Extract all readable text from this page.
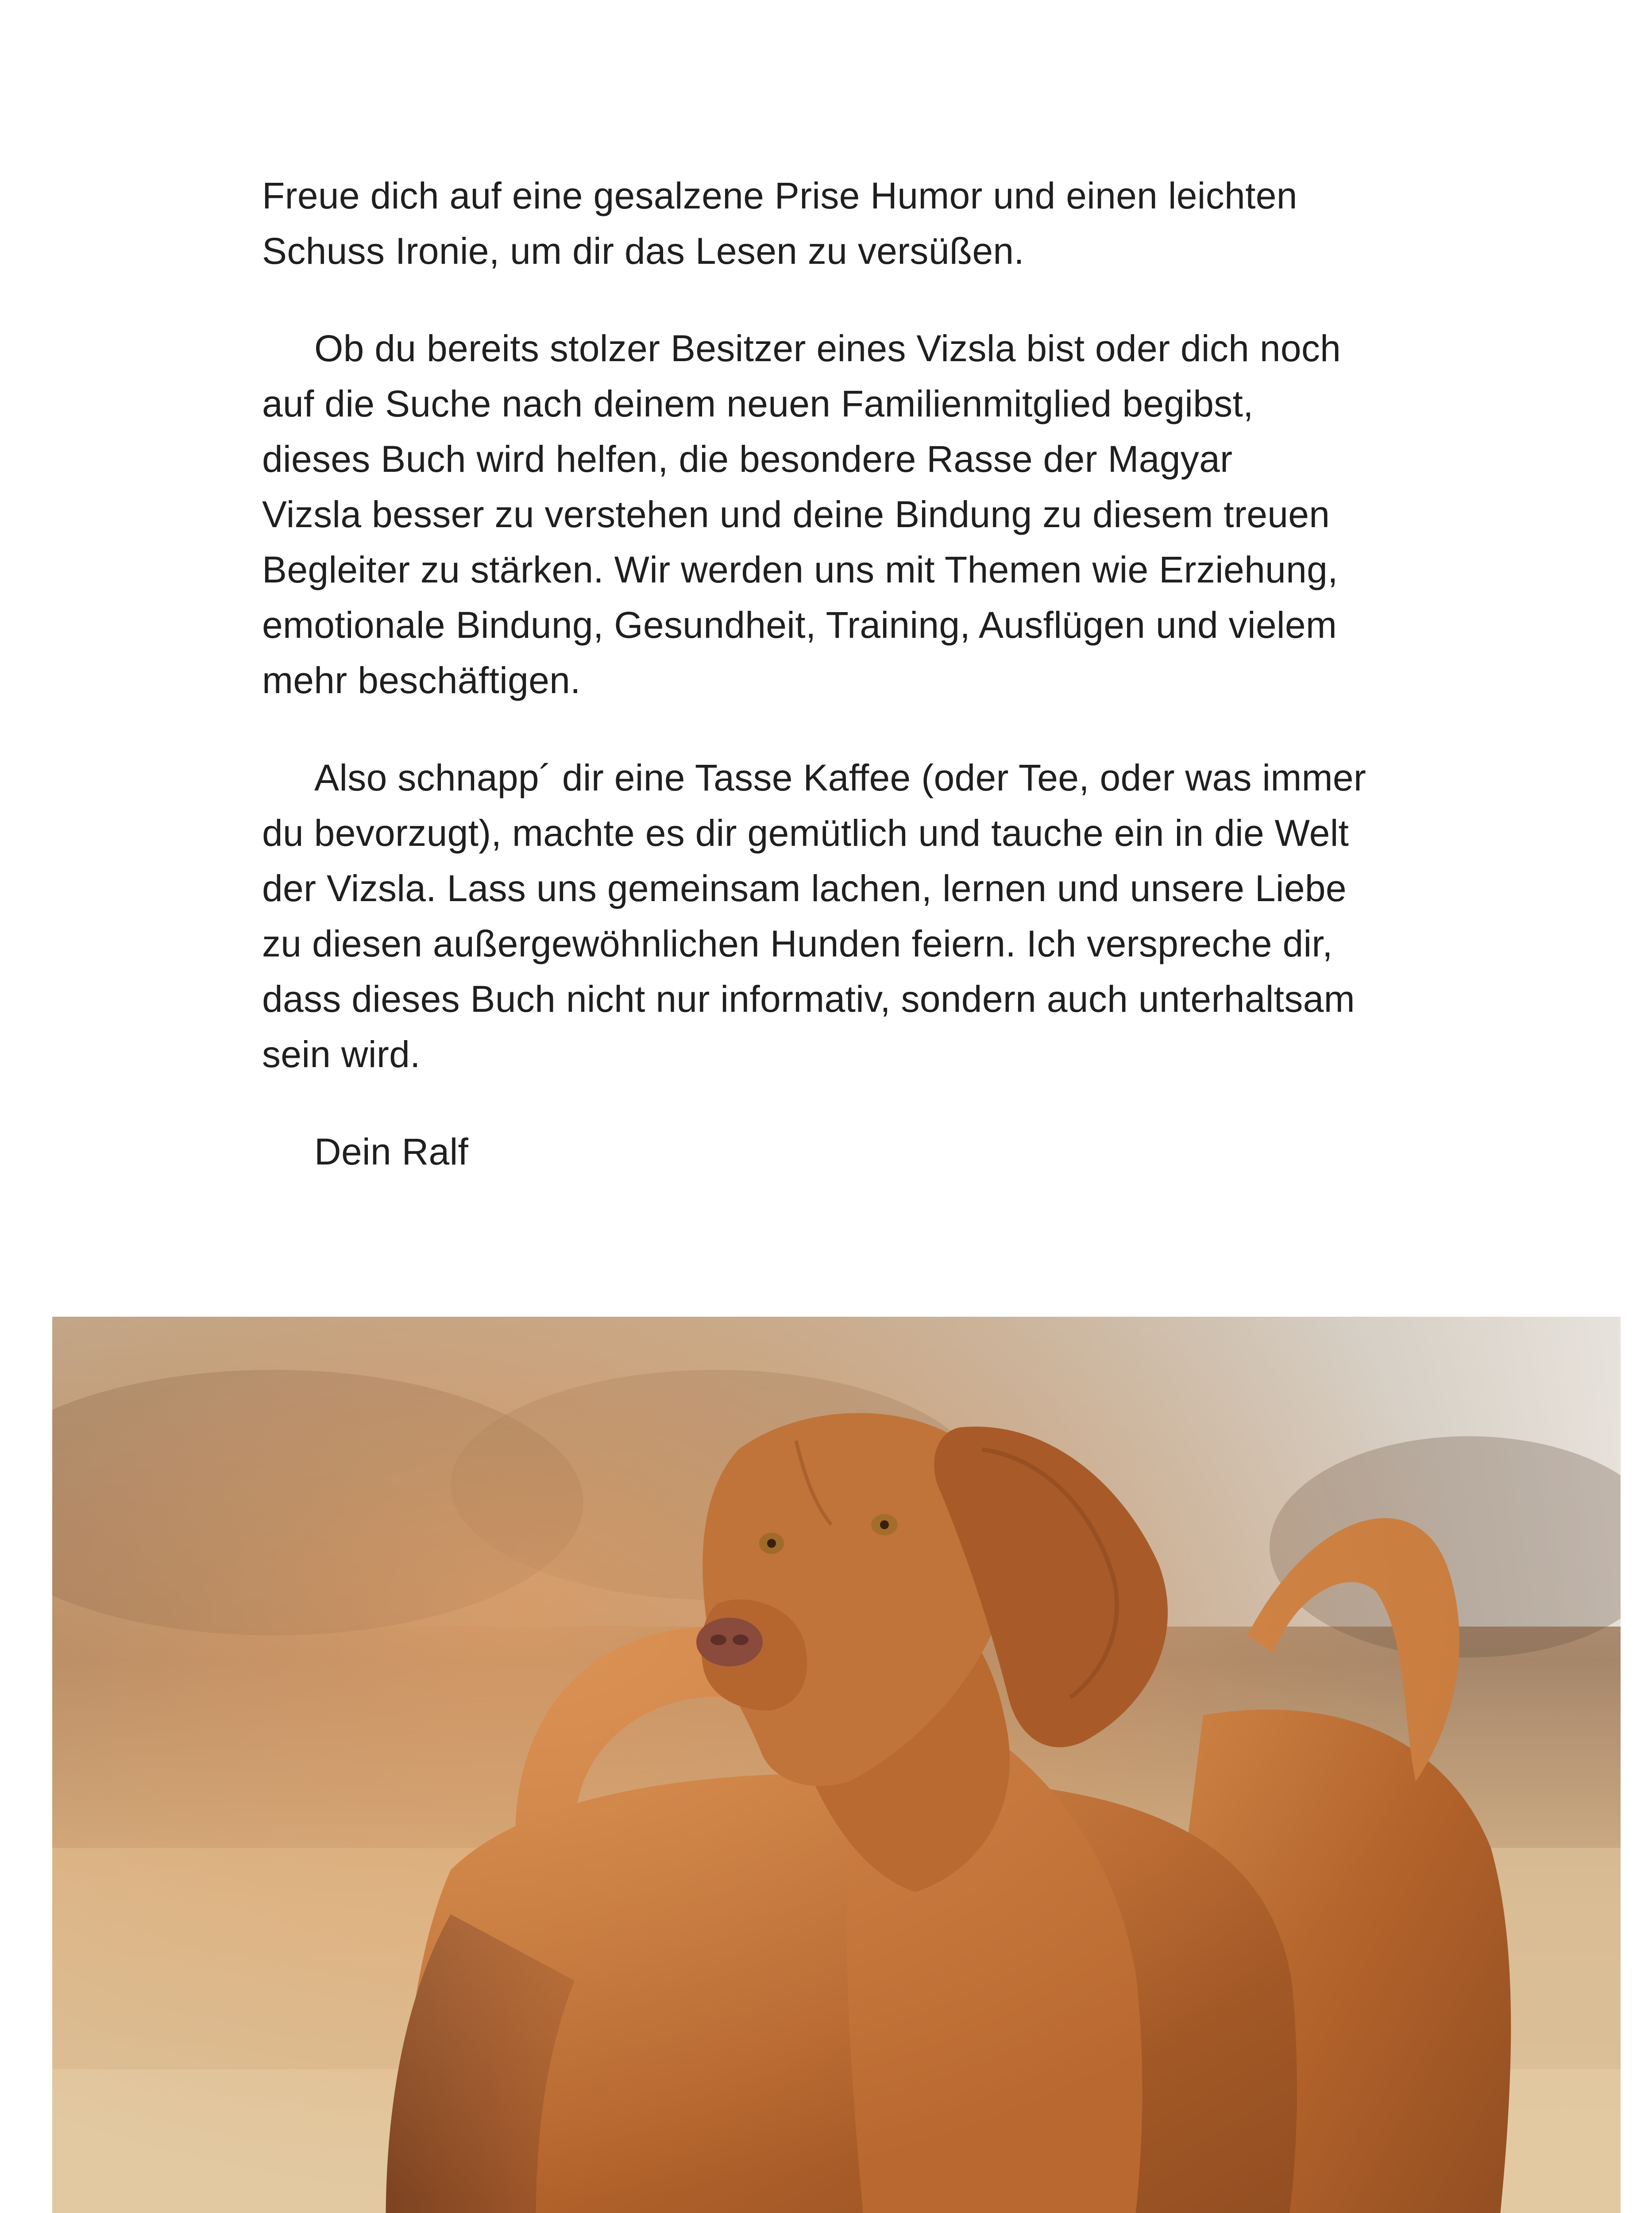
Freue dich auf eine gesalzene Prise Humor und einen leichten
Schuss Ironie, um dir das Lesen zu versüßen.

Ob du bereits stolzer Besitzer eines Vizsla bist oder dich noch
auf die Suche nach deinem neuen Familienmitglied begibst,
dieses Buch wird helfen, die besondere Rasse der Magyar
Vizsla besser zu verstehen und deine Bindung zu diesem treuen
Begleiter zu stärken. Wir werden uns mit Themen wie Erziehung,
emotionale Bindung, Gesundheit, Training, Ausflügen und vielem
mehr beschäftigen.

Also schnapp´ dir eine Tasse Kaffee (oder Tee, oder was immer
du bevorzugt), machte es dir gemütlich und tauche ein in die Welt
der Vizsla. Lass uns gemeinsam lachen, lernen und unsere Liebe
zu diesen außergewöhnlichen Hunden feiern. Ich verspreche dir,
dass dieses Buch nicht nur informativ, sondern auch unterhaltsam
sein wird.

Dein Ralf
